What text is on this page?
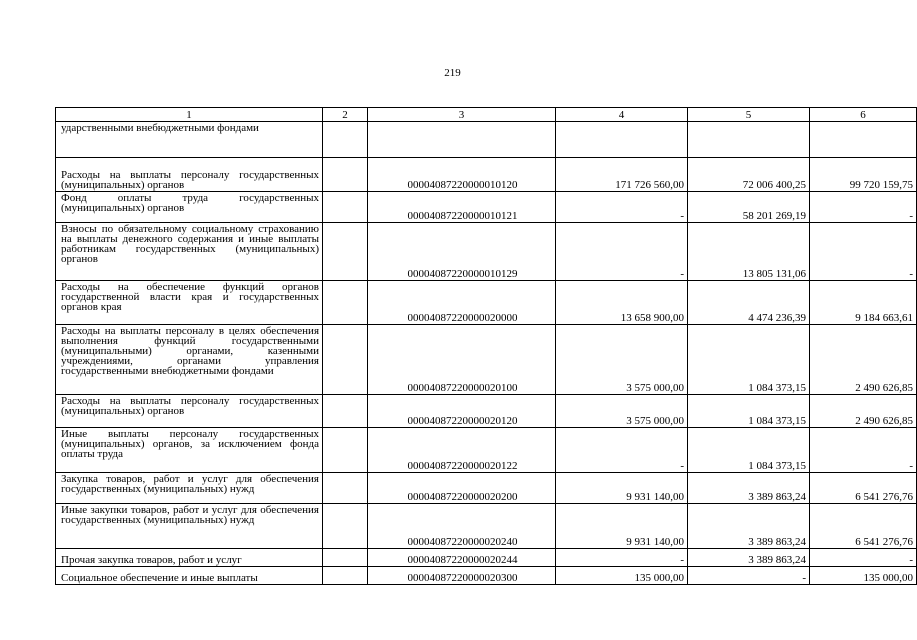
219
1	2	3	4	5	6
ударственными внебюджетными фондами					
Расходы на выплаты персоналу государственных (муниципальных) органов		00004087220000010120	171 726 560,00	72 006 400,25	99 720 159,75
Фонд оплаты труда государственных (муниципальных) органов		00004087220000010121	-	58 201 269,19	-
Взносы по обязательному социальному страхованию на выплаты денежного содержания и иные выплаты работникам государственных (муниципальных) органов		00004087220000010129	-	13 805 131,06	-
Расходы на обеспечение функций органов государственной власти края и государственных органов края		00004087220000020000	13 658 900,00	4 474 236,39	9 184 663,61
Расходы на выплаты персоналу в целях обеспечения выполнения функций государственными (муниципальными) органами, казенными учреждениями, органами управления государственными внебюджетными фондами		00004087220000020100	3 575 000,00	1 084 373,15	2 490 626,85
Расходы на выплаты персоналу государственных (муниципальных) органов		00004087220000020120	3 575 000,00	1 084 373,15	2 490 626,85
Иные выплаты персоналу государственных (муниципальных) органов, за исключением фонда оплаты труда		00004087220000020122	-	1 084 373,15	-
Закупка товаров, работ и услуг для обеспечения государственных (муниципальных) нужд		00004087220000020200	9 931 140,00	3 389 863,24	6 541 276,76
Иные закупки товаров, работ и услуг для обеспечения государственных (муниципальных) нужд		00004087220000020240	9 931 140,00	3 389 863,24	6 541 276,76
Прочая закупка товаров, работ и услуг		00004087220000020244	-	3 389 863,24	-
Социальное обеспечение и иные выплаты		00004087220000020300	135 000,00	-	135 000,00
